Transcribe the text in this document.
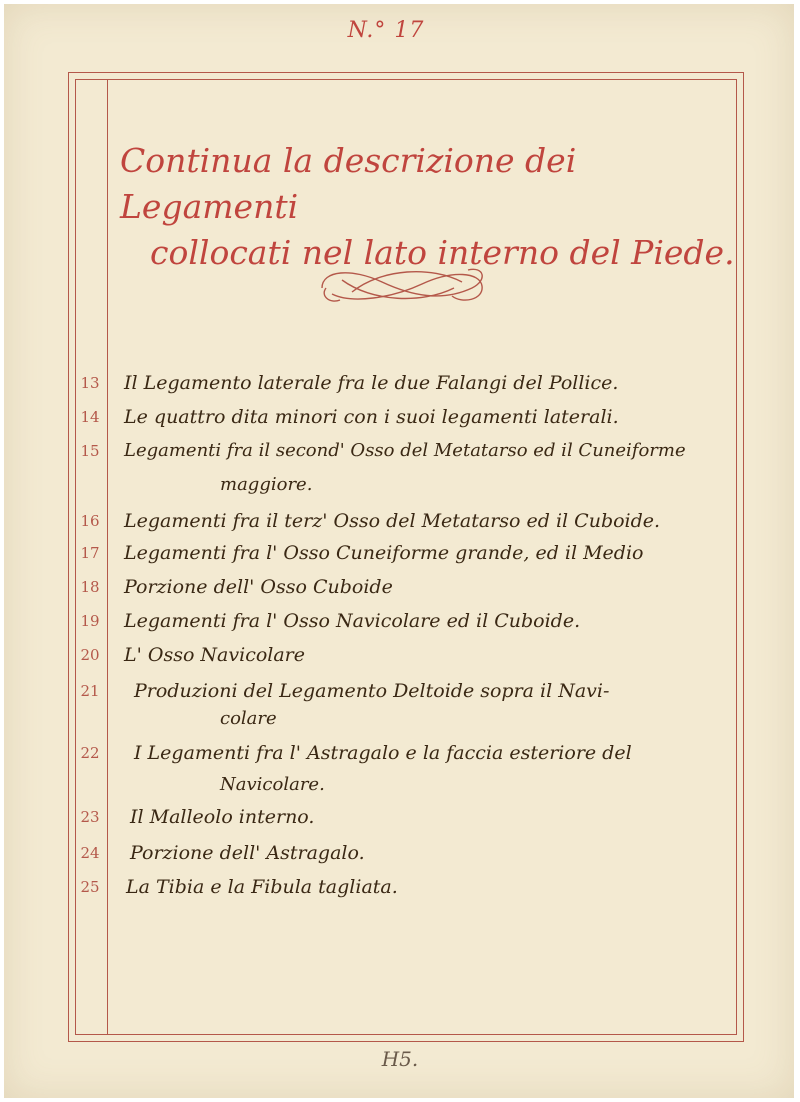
N.° 17
Continua la descrizione dei Legamenti
collocati nel lato interno del Piede.
13 Il Legamento laterale fra le due Falangi del Pollice.
14 Le quattro dita minori con i suoi legamenti laterali.
15 Legamenti fra il second' Osso del Metatarso ed il Cuneiforme
maggiore.
16 Legamenti fra il terz' Osso del Metatarso ed il Cuboide.
17 Legamenti fra l' Osso Cuneiforme grande, ed il Medio
18 Porzione dell' Osso Cuboide
19 Legamenti fra l' Osso Navicolare ed il Cuboide.
20 L' Osso Navicolare
21 Produzioni del Legamento Deltoide sopra il Navi-
colare
22 I Legamenti fra l' Astragalo e la faccia esteriore del
Navicolare.
23 Il Malleolo interno.
24 Porzione dell' Astragalo.
25 La Tibia e la Fibula tagliata.
H5.
